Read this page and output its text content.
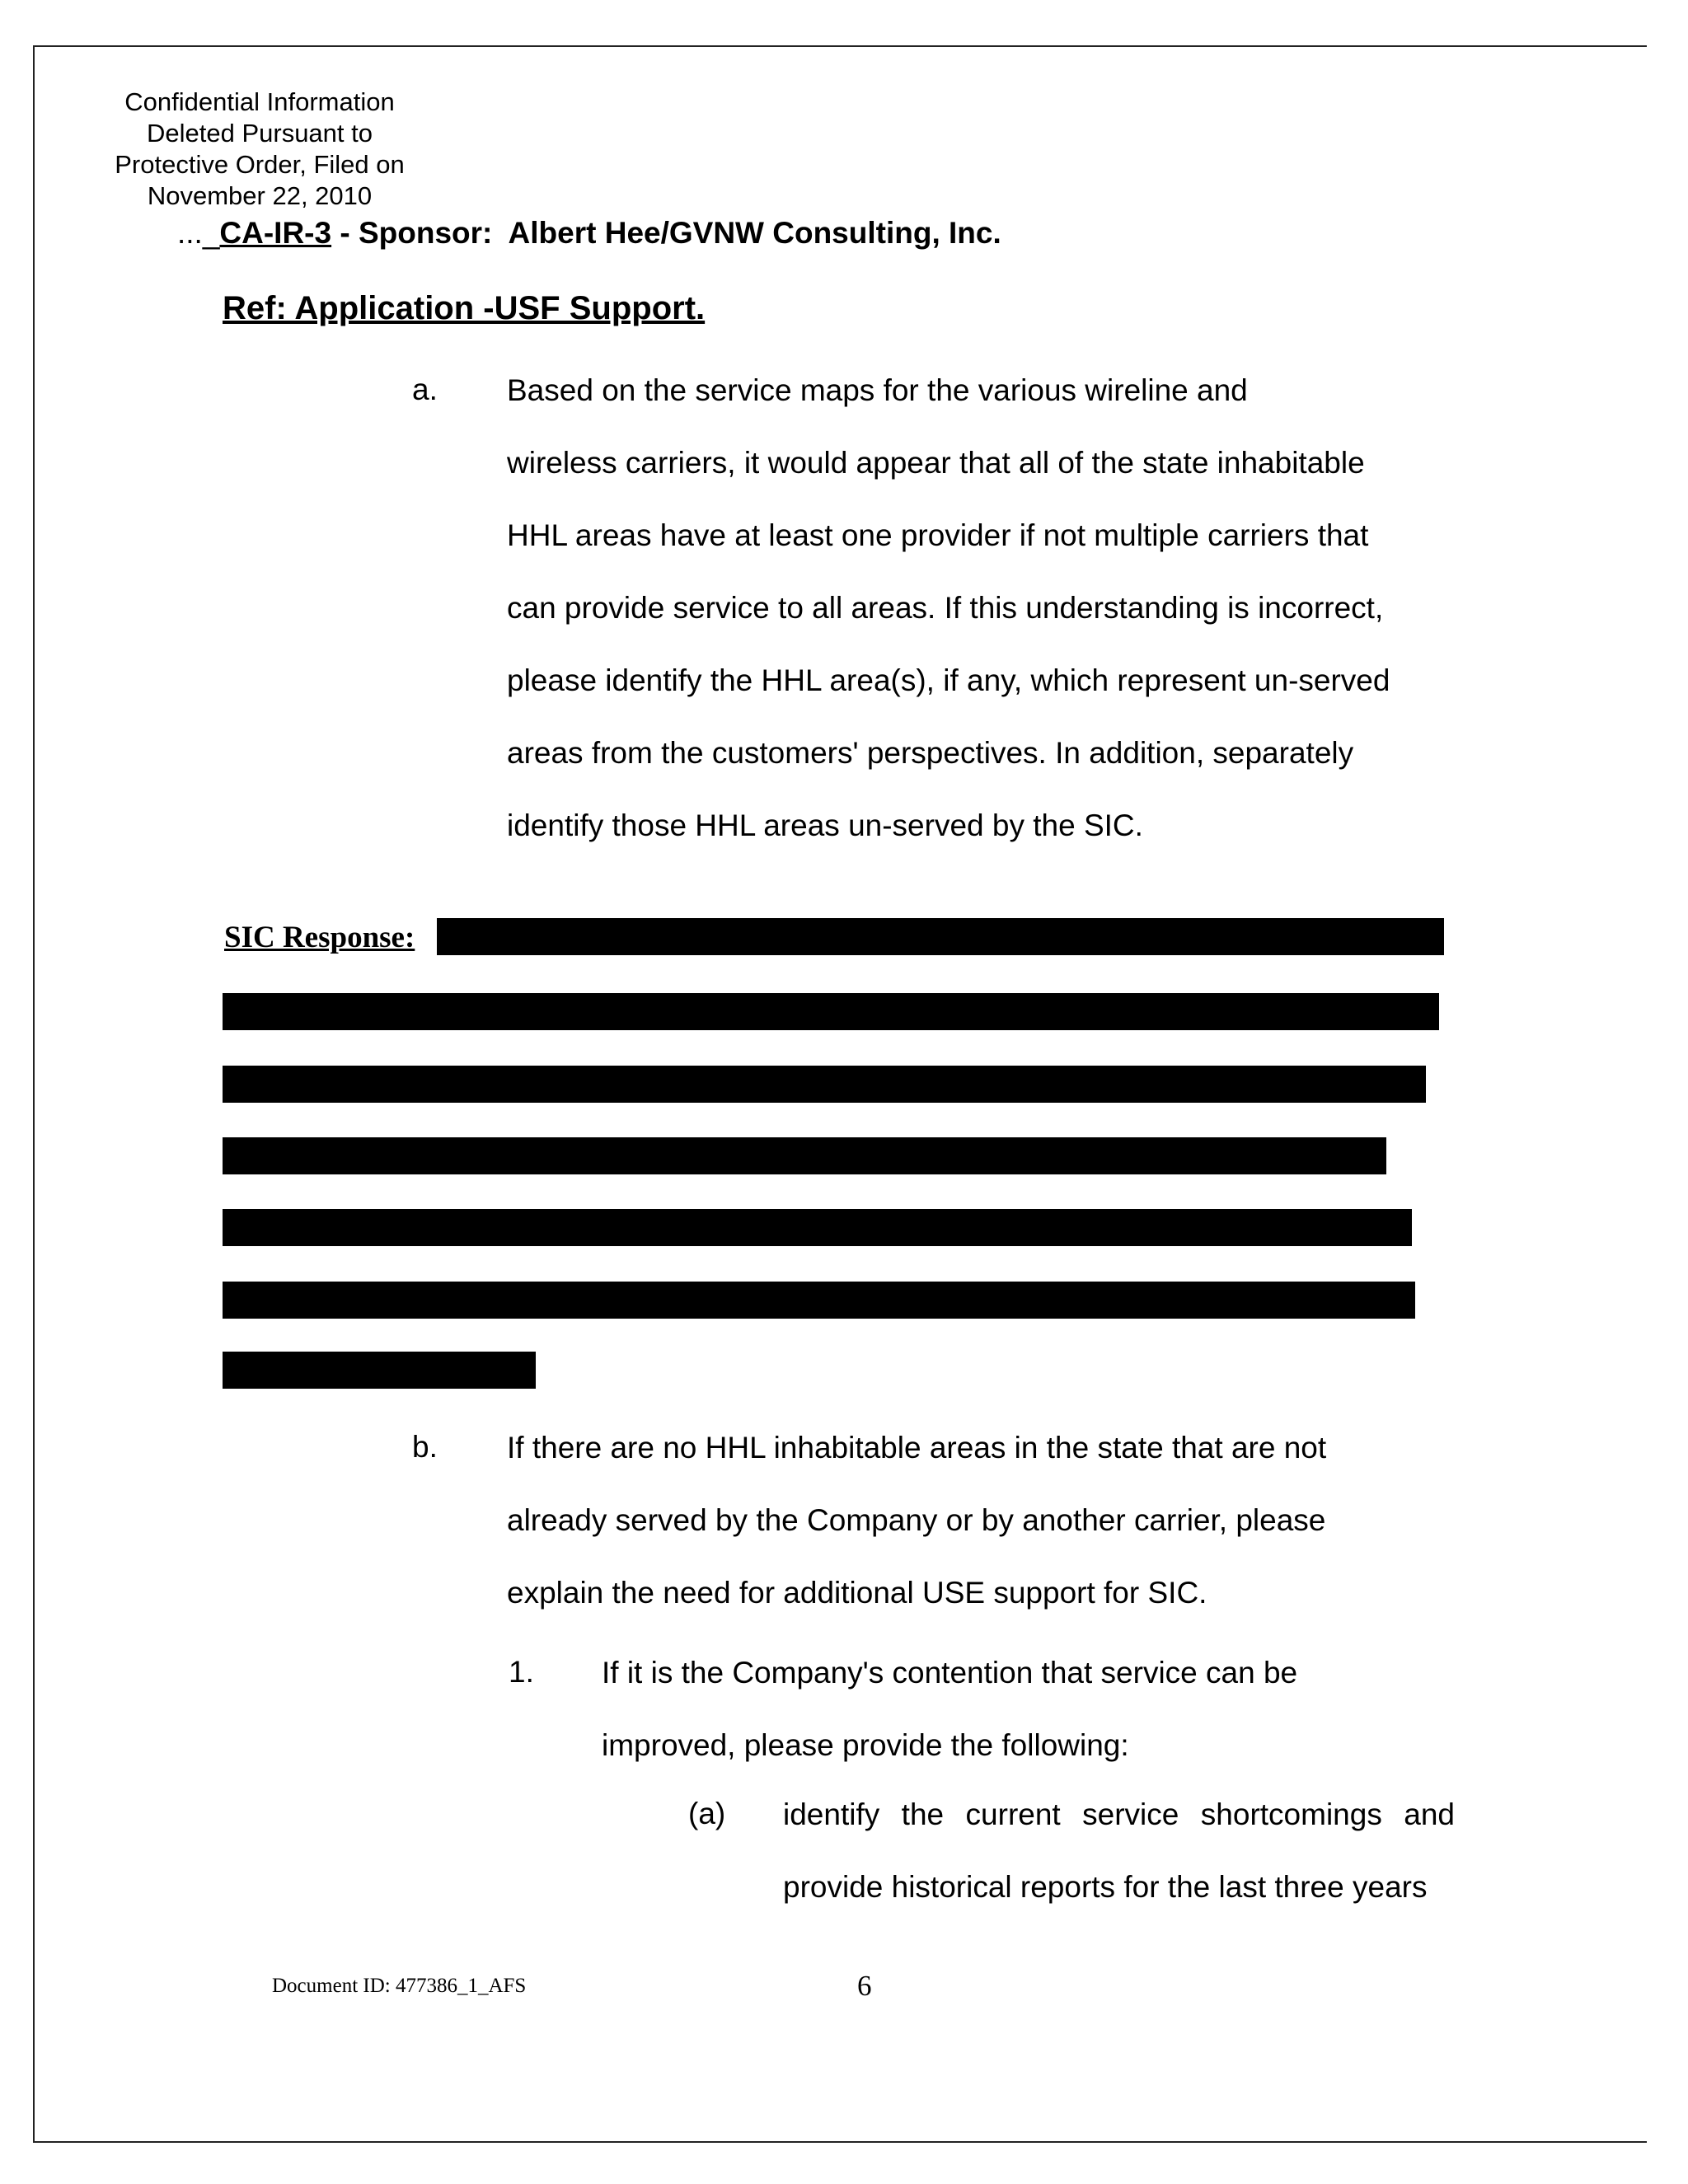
Confidential Information
Deleted Pursuant to
Protective Order, Filed on
November 22, 2010
..._CA-IR-3 - Sponsor:  Albert Hee/GVNW Consulting, Inc.
Ref: Application -USF Support.
a. Based on the service maps for the various wireline and
wireless carriers, it would appear that all of the state inhabitable
HHL areas have at least one provider if not multiple carriers that
can provide service to all areas. If this understanding is incorrect,
please identify the HHL area(s), if any, which represent un-served
areas from the customers' perspectives. In addition, separately
identify those HHL areas un-served by the SIC.
SIC Response:
b. If there are no HHL inhabitable areas in the state that are not
already served by the Company or by another carrier, please
explain the need for additional USE support for SIC.
1. If it is the Company's contention that service can be
improved, please provide the following:
(a) identify the current service shortcomings and
provide historical reports for the last three years
Document ID: 477386_1_AFS	6
